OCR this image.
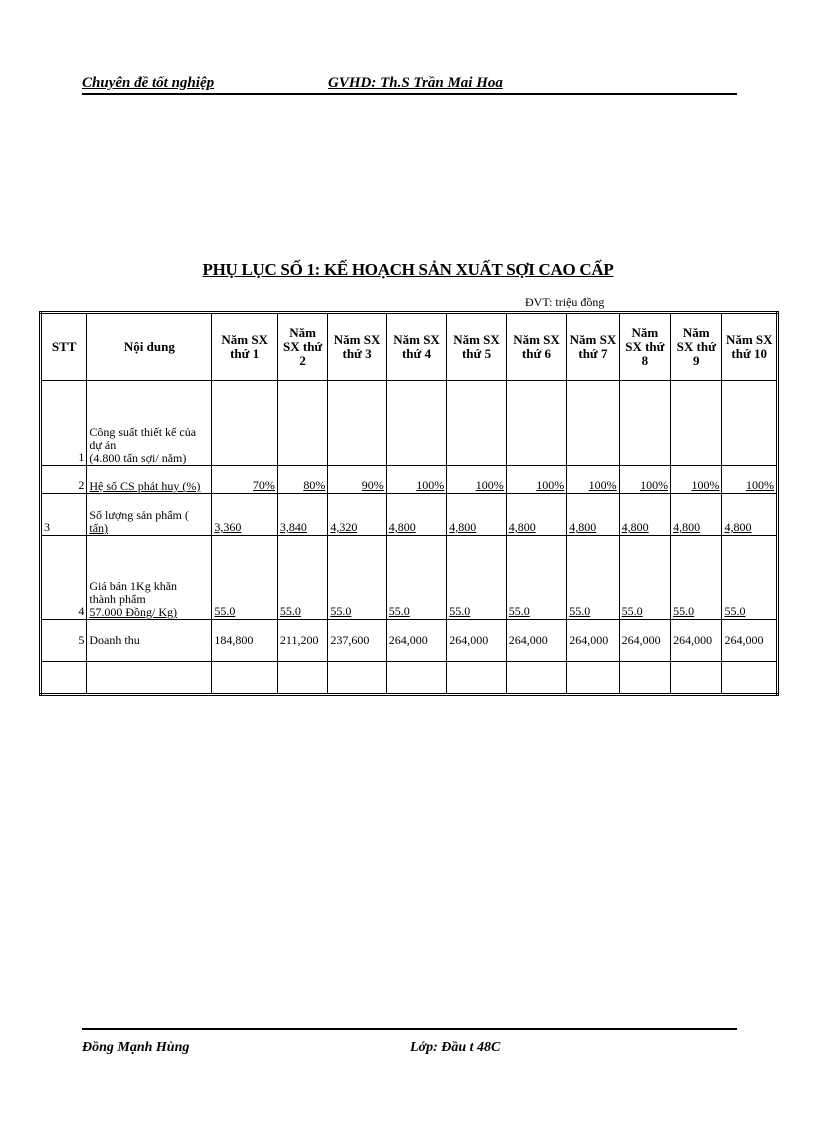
Chuyên đề tốt nghiệp	GVHD: Th.S Trần Mai Hoa
PHỤ LỤC SỐ 1: KẾ HOẠCH SẢN XUẤT SỢI CAO CẤP
ĐVT: triệu đồng
STT	Nội dung	Năm SX thứ 1	Năm SX thứ 2	Năm SX thứ 3	Năm SX thứ 4	Năm SX thứ 5	Năm SX thứ 6	Năm SX thứ 7	Năm SX thứ 8	Năm SX thứ 9	Năm SX thứ 10
1	Công suất thiết kế của
dự án
(4.800 tấn sợi/ năm)										

2	Hệ số CS phát huy (%)	70%	80%	90%	100%	100%	100%	100%	100%	100%	100%
3	Số lượng sản phẩm (
tấn)	3,360	3,840	4,320	4,800	4,800	4,800	4,800	4,800	4,800	4,800
4	Giá bán 1Kg khăn
thành phẩm
57.000 Đồng/ Kg)	55.0	55.0	55.0	55.0	55.0	55.0	55.0	55.0	55.0	55.0
5	Doanh thu	184,800	211,200	237,600	264,000	264,000	264,000	264,000	264,000	264,000	264,000

Đồng Mạnh Hùng	Lớp: Đầu t 48C
